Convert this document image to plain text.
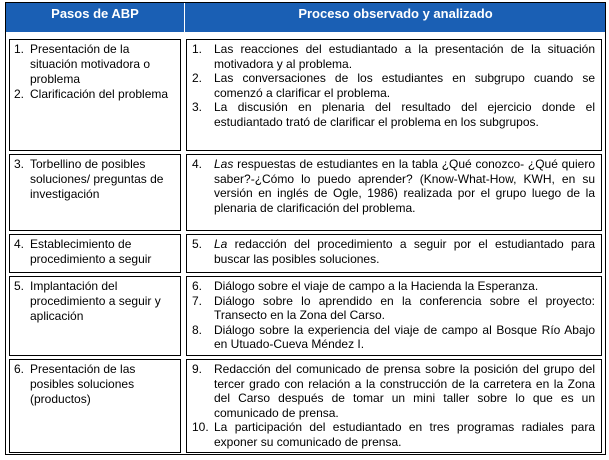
Pasos de ABP	Proceso observado y analizado
1. Presentación de la situación motivadora o problema
2. Clarificación del problema
1. Las reacciones del estudiantado a la presentación de la situación motivadora y al problema.
2. Las conversaciones de los estudiantes en subgrupo cuando se comenzó a clarificar el problema.
3. La discusión en plenaria del resultado del ejercicio donde el estudiantado trató de clarificar el problema en los subgrupos.
3. Torbellino de posibles soluciones/ preguntas de investigación
4. Las respuestas de estudiantes en la tabla ¿Qué conozco- ¿Qué quiero saber?-¿Cómo lo puedo aprender? (Know-What-How, KWH, en su versión en inglés de Ogle, 1986) realizada por el grupo luego de la plenaria de clarificación del problema.
4. Establecimiento de procedimiento a seguir
5. La redacción del procedimiento a seguir por el estudiantado para buscar las posibles soluciones.
5. Implantación del procedimiento a seguir y aplicación
6. Diálogo sobre el viaje de campo a la Hacienda la Esperanza.
7. Diálogo sobre lo aprendido en la conferencia sobre el proyecto: Transecto en la Zona del Carso.
8. Diálogo sobre la experiencia del viaje de campo al Bosque Río Abajo en Utuado-Cueva Méndez I.
6. Presentación de las posibles soluciones (productos)
9. Redacción del comunicado de prensa sobre la posición del grupo del tercer grado con relación a la construcción de la carretera en la Zona del Carso después de tomar un mini taller sobre lo que es un comunicado de prensa.
10. La participación del estudiantado en tres programas radiales para exponer su comunicado de prensa.
